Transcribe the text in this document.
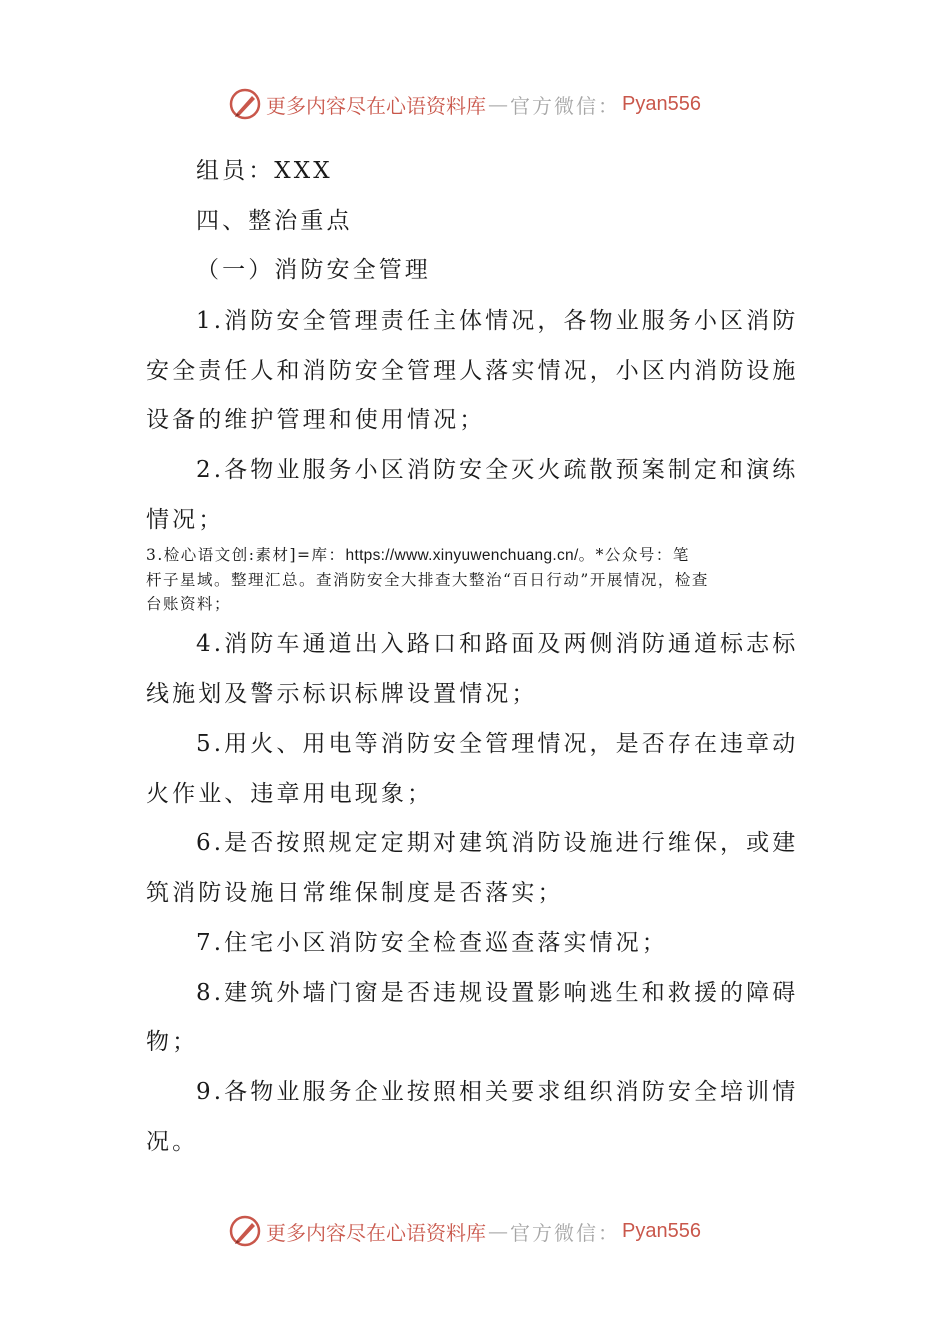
更多内容尽在心语资料库 — 官方微信： Pyan556
组员：XXX
四、整治重点
（一）消防安全管理
1.消防安全管理责任主体情况，各物业服务小区消防
安全责任人和消防安全管理人落实情况，小区内消防设施
设备的维护管理和使用情况；
2.各物业服务小区消防安全灭火疏散预案制定和演练
情况；
3.检心语文创:素材]=库：https://www.xinyuwenchuang.cn/。*公众号：笔
杆子星域。整理汇总。查消防安全大排查大整治“百日行动”开展情况，检查
台账资料；
4.消防车通道出入路口和路面及两侧消防通道标志标
线施划及警示标识标牌设置情况；
5.用火、用电等消防安全管理情况，是否存在违章动
火作业、违章用电现象；
6.是否按照规定定期对建筑消防设施进行维保，或建
筑消防设施日常维保制度是否落实；
7.住宅小区消防安全检查巡查落实情况；
8.建筑外墙门窗是否违规设置影响逃生和救援的障碍
物；
9.各物业服务企业按照相关要求组织消防安全培训情
况。
更多内容尽在心语资料库 — 官方微信： Pyan556
